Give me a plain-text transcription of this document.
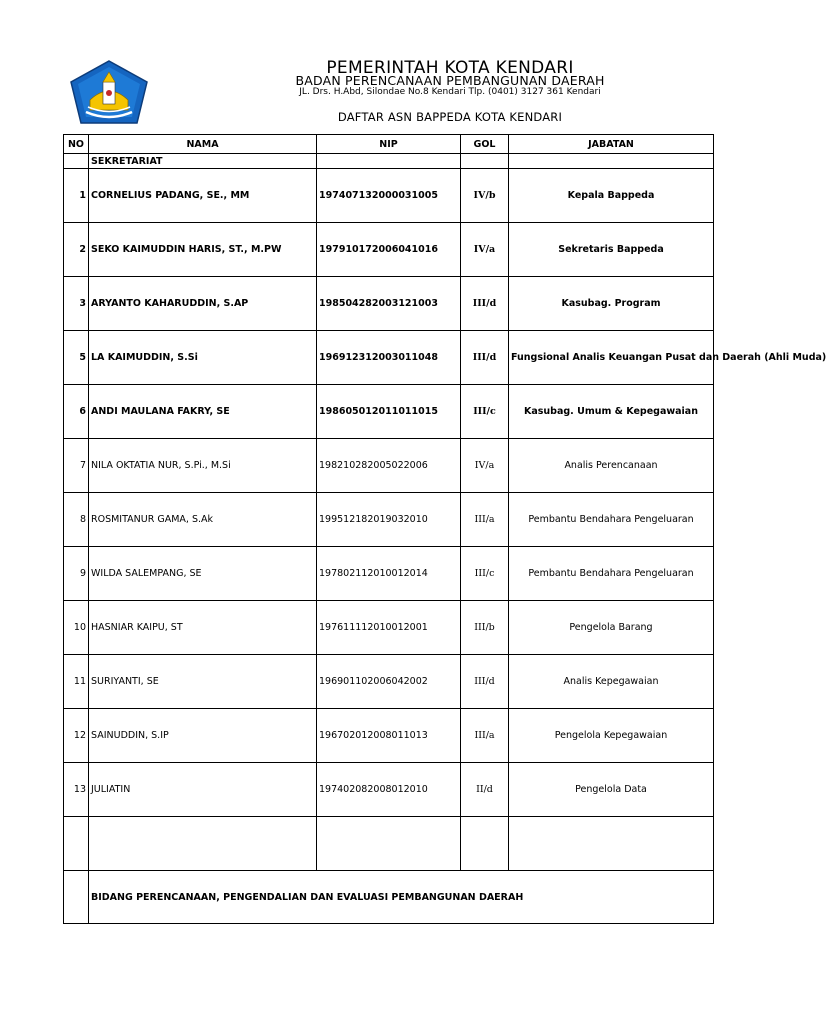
PEMERINTAH KOTA KENDARI
BADAN PERENCANAAN PEMBANGUNAN DAERAH
JL. Drs. H.Abd, Silondae No.8 Kendari Tlp. (0401) 3127 361 Kendari
DAFTAR ASN BAPPEDA KOTA KENDARI
NO	NAMA	NIP	GOL	JABATAN
	SEKRETARIAT			
1	CORNELIUS PADANG, SE., MM	197407132000031005	IV/b	Kepala Bappeda
2	SEKO KAIMUDDIN HARIS, ST., M.PW	197910172006041016	IV/a	Sekretaris Bappeda
3	ARYANTO KAHARUDDIN, S.AP	198504282003121003	III/d	Kasubag. Program
5	LA KAIMUDDIN, S.Si	196912312003011048	III/d	Fungsional Analis Keuangan Pusat dan Daerah (Ahli Muda)
6	ANDI MAULANA FAKRY, SE	198605012011011015	III/c	Kasubag. Umum & Kepegawaian
7	NILA OKTATIA NUR, S.Pi., M.Si	198210282005022006	IV/a	Analis Perencanaan
8	ROSMITANUR GAMA, S.Ak	199512182019032010	III/a	Pembantu Bendahara Pengeluaran
9	WILDA SALEMPANG, SE	197802112010012014	III/c	Pembantu Bendahara Pengeluaran
10	HASNIAR KAIPU, ST	197611112010012001	III/b	Pengelola Barang
11	SURIYANTI, SE	196901102006042002	III/d	Analis Kepegawaian
12	SAINUDDIN, S.IP	196702012008011013	III/a	Pengelola Kepegawaian
13	JULIATIN	197402082008012010	II/d	Pengelola Data

	BIDANG PERENCANAAN, PENGENDALIAN DAN EVALUASI PEMBANGUNAN DAERAH			
